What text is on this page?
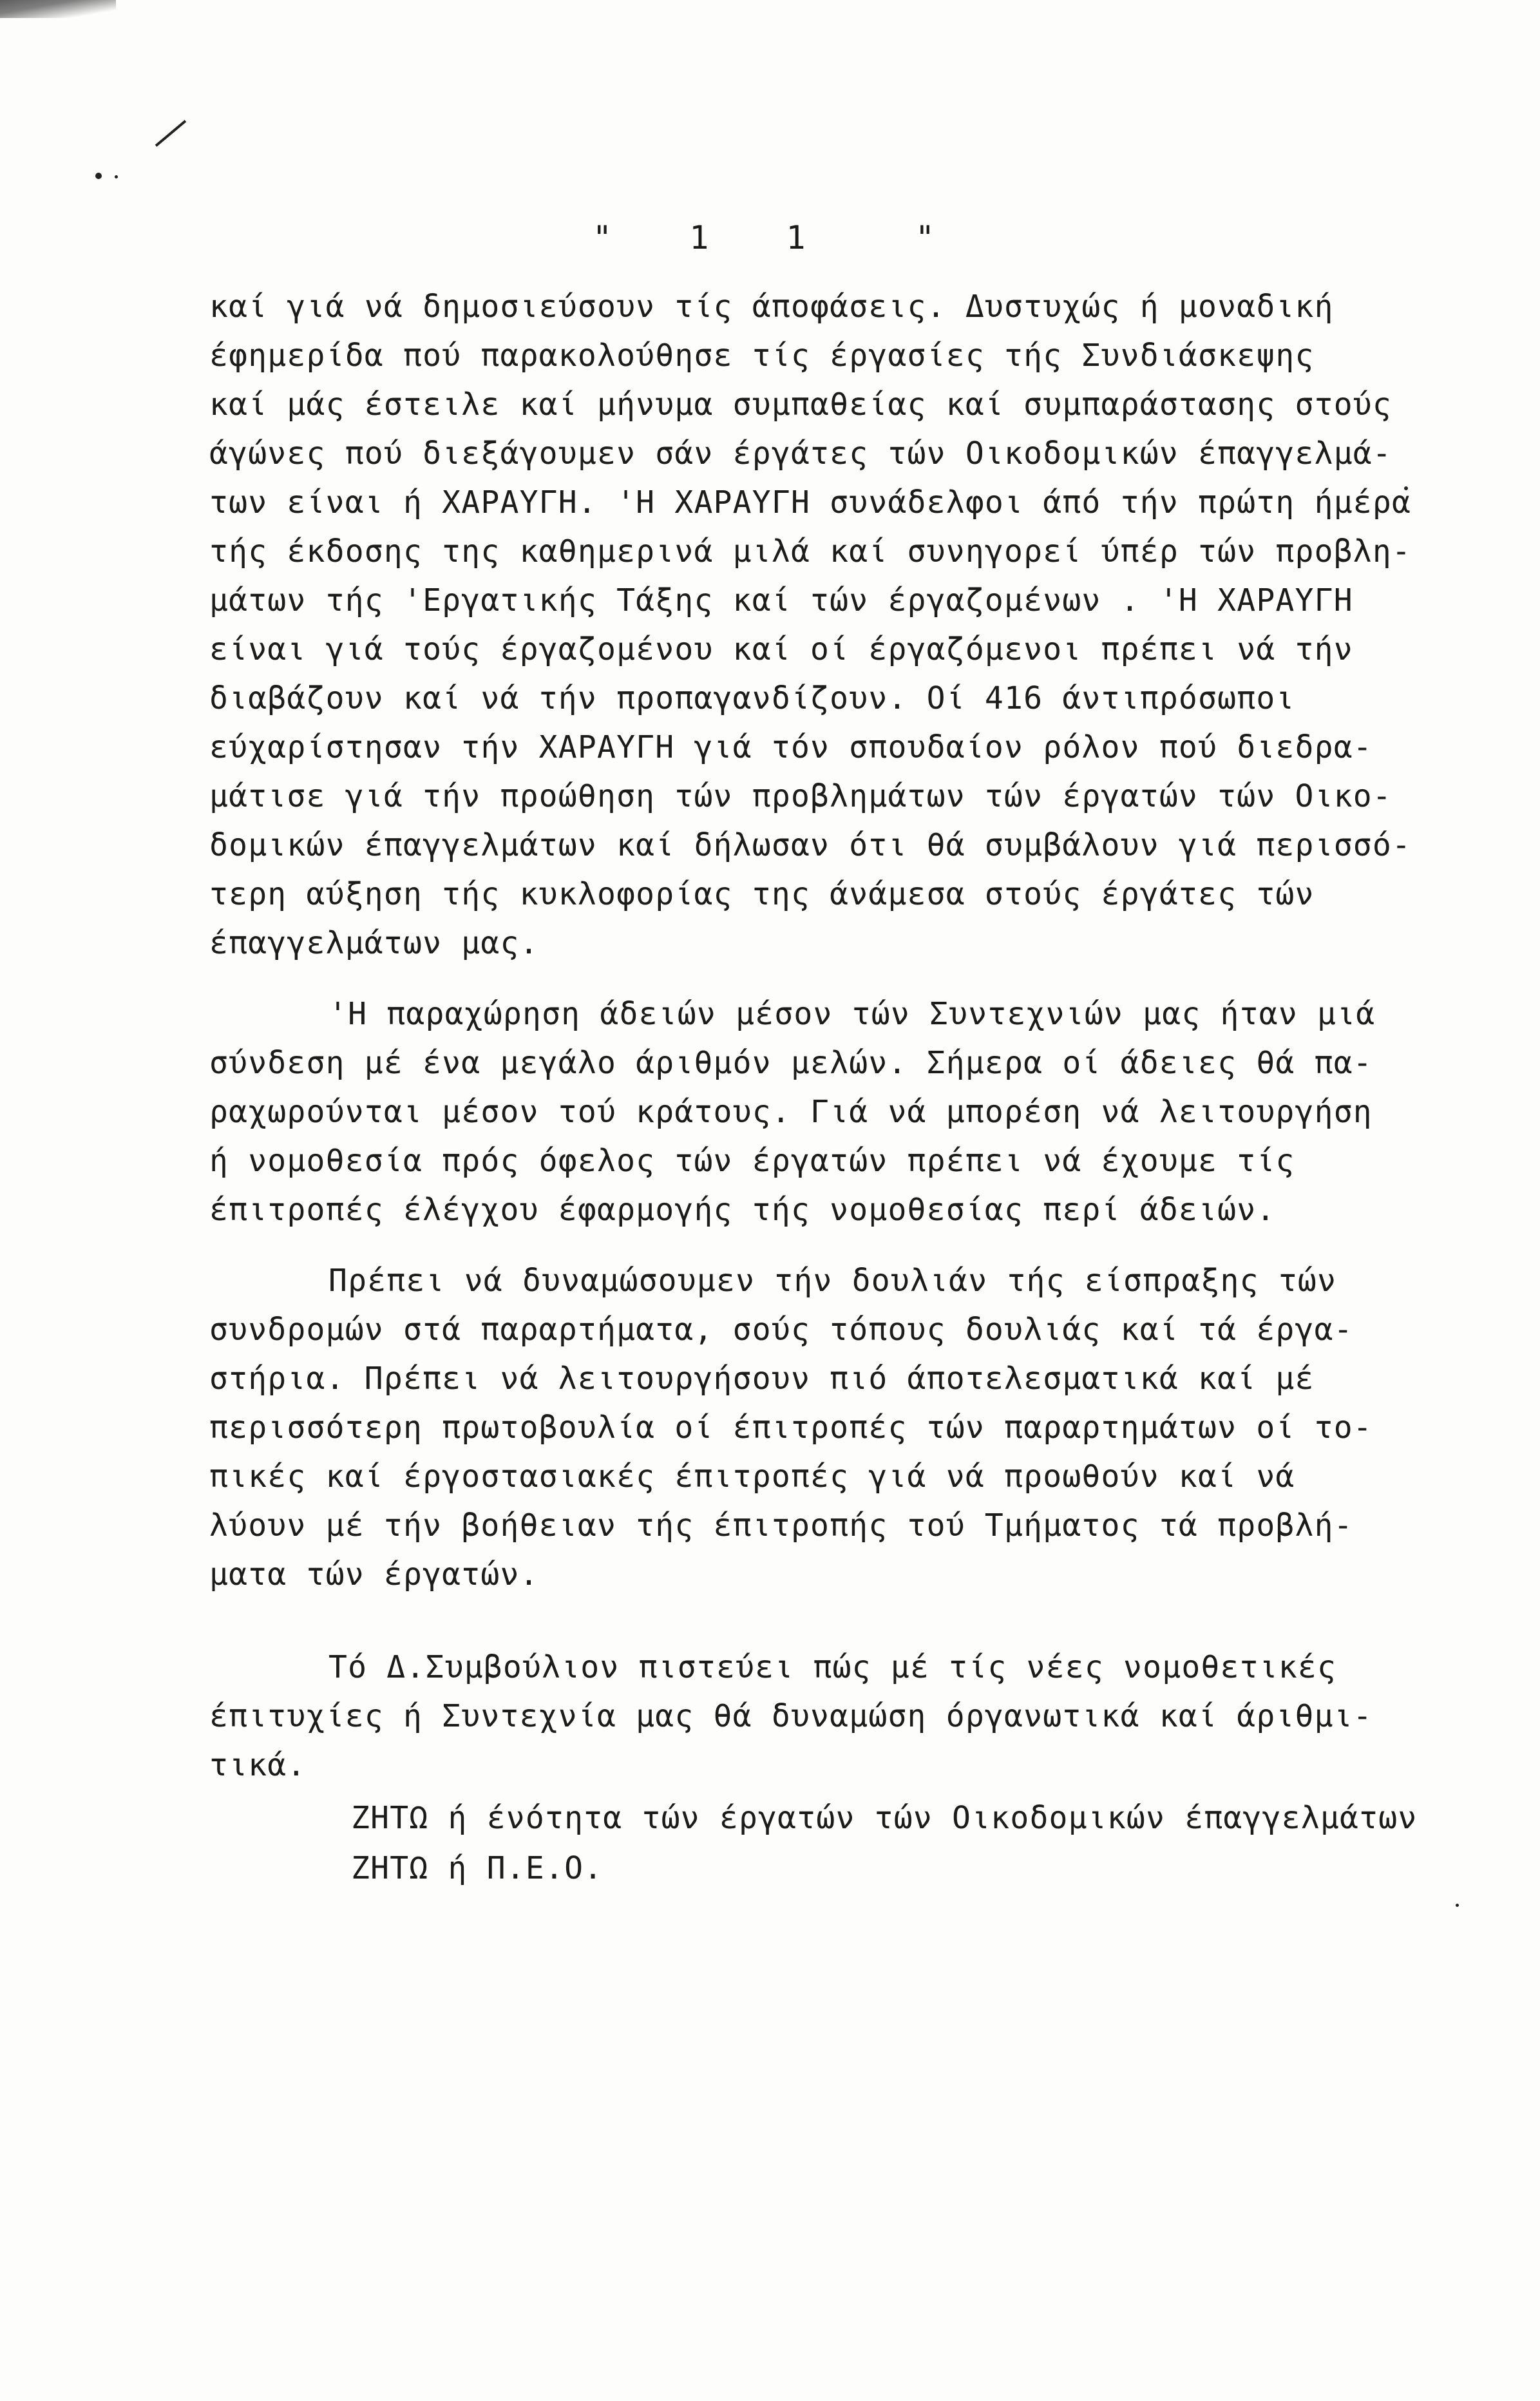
"  1  1   "
καί γιά νά δημοσιεύσουν τίς άποφάσεις. Δυστυχώς ή μοναδική
έφημερίδα πού παρακολούθησε τίς έργασίες τής Συνδιάσκεψης
καί μάς έστειλε καί μήνυμα συμπαθείας καί συμπαράστασης στούς
άγώνες πού διεξάγουμεν σάν έργάτες τών Οικοδομικών έπαγγελμά-
των είναι ή ΧΑΡΑΥΓΗ. 'Η ΧΑΡΑΥΓΗ συνάδελφοι άπό τήν πρώτη ήμέρα
τής έκδοσης της καθημερινά μιλά καί συνηγορεί ύπέρ τών προβλη-
μάτων τής 'Εργατικής Τάξης καί τών έργαζομένων . 'Η ΧΑΡΑΥΓΗ
είναι γιά τούς έργαζομένου καί οί έργαζόμενοι πρέπει νά τήν
διαβάζουν καί νά τήν προπαγανδίζουν. Οί 416 άντιπρόσωποι
εύχαρίστησαν τήν ΧΑΡΑΥΓΗ γιά τόν σπουδαίον ρόλον πού διεδρα-
μάτισε γιά τήν προώθηση τών προβλημάτων τών έργατών τών Οικο-
δομικών έπαγγελμάτων καί δήλωσαν ότι θά συμβάλουν γιά περισσό-
τερη αύξηση τής κυκλοφορίας της άνάμεσα στούς έργάτες τών
έπαγγελμάτων μας.
'Η παραχώρηση άδειών μέσον τών Συντεχνιών μας ήταν μιά
σύνδεση μέ ένα μεγάλο άριθμόν μελών. Σήμερα οί άδειες θά πα-
ραχωρούνται μέσον τού κράτους. Γιά νά μπορέση νά λειτουργήση
ή νομοθεσία πρός όφελος τών έργατών πρέπει νά έχουμε τίς
έπιτροπές έλέγχου έφαρμογής τής νομοθεσίας περί άδειών.
Πρέπει νά δυναμώσουμεν τήν δουλιάν τής είσπραξης τών
συνδρομών στά παραρτήματα, σούς τόπους δουλιάς καί τά έργα-
στήρια. Πρέπει νά λειτουργήσουν πιό άποτελεσματικά καί μέ
περισσότερη πρωτοβουλία οί έπιτροπές τών παραρτημάτων οί το-
πικές καί έργοστασιακές έπιτροπές γιά νά προωθούν καί νά
λύουν μέ τήν βοήθειαν τής έπιτροπής τού Τμήματος τά προβλή-
ματα τών έργατών.
Τό Δ.Συμβούλιον πιστεύει πώς μέ τίς νέες νομοθετικές
έπιτυχίες ή Συντεχνία μας θά δυναμώση όργανωτικά καί άριθμι-
τικά.
ΖΗΤΩ ή ένότητα τών έργατών τών Οικοδομικών έπαγγελμάτων
ΖΗΤΩ ή Π.Ε.Ο.
